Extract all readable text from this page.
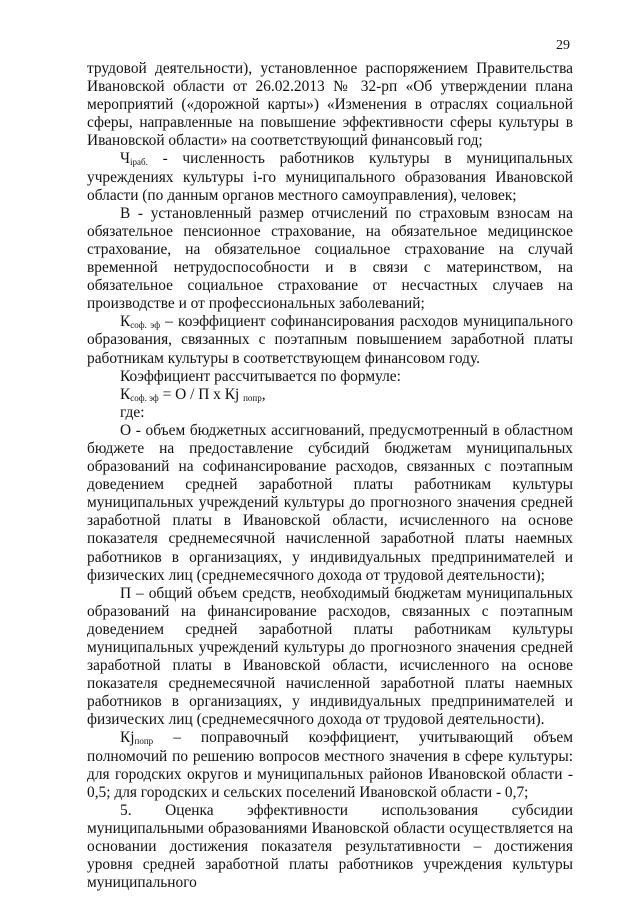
29

трудовой деятельности), установленное распоряжением Правительства Ивановской области от 26.02.2013 № 32-рп «Об утверждении плана мероприятий («дорожной карты») «Изменения в отраслях социальной сферы, направленные на повышение эффективности сферы культуры в Ивановской области» на соответствующий финансовый год;

$Ч_{iраб.}$ - численность работников культуры в муниципальных учреждениях культуры i-го муниципального образования Ивановской области (по данным органов местного самоуправления), человек;

В - установленный размер отчислений по страховым взносам на обязательное пенсионное страхование, на обязательное медицинское страхование, на обязательное социальное страхование на случай временной нетрудоспособности и в связи с материнством, на обязательное социальное страхование от несчастных случаев на производстве и от профессиональных заболеваний;

$К_{соф. эф}$ – коэффициент софинансирования расходов муниципального образования, связанных с поэтапным повышением заработной платы работникам культуры в соответствующем финансовом году.

Коэффициент рассчитывается по формуле:

$К_{соф. эф} = О / П$ х Кj $_{попр}$,

где:

О - объем бюджетных ассигнований, предусмотренный в областном бюджете на предоставление субсидий бюджетам муниципальных образований на софинансирование расходов, связанных с поэтапным доведением средней заработной платы работникам культуры муниципальных учреждений культуры до прогнозного значения средней заработной платы в Ивановской области, исчисленного на основе показателя среднемесячной начисленной заработной платы наемных работников в организациях, у индивидуальных предпринимателей и физических лиц (среднемесячного дохода от трудовой деятельности);

П – общий объем средств, необходимый бюджетам муниципальных образований на финансирование расходов, связанных с поэтапным доведением средней заработной платы работникам культуры муниципальных учреждений культуры до прогнозного значения средней заработной платы в Ивановской области, исчисленного на основе показателя среднемесячной начисленной заработной платы наемных работников в организациях, у индивидуальных предпринимателей и физических лиц (среднемесячного дохода от трудовой деятельности).

$Кj_{попр}$ – поправочный коэффициент, учитывающий объем полномочий по решению вопросов местного значения в сфере культуры: для городских округов и муниципальных районов Ивановской области - 0,5; для городских и сельских поселений Ивановской области - 0,7;

5. Оценка эффективности использования субсидии муниципальными образованиями Ивановской области осуществляется на основании достижения показателя результативности – достижения уровня средней заработной платы работников учреждения культуры муниципального
